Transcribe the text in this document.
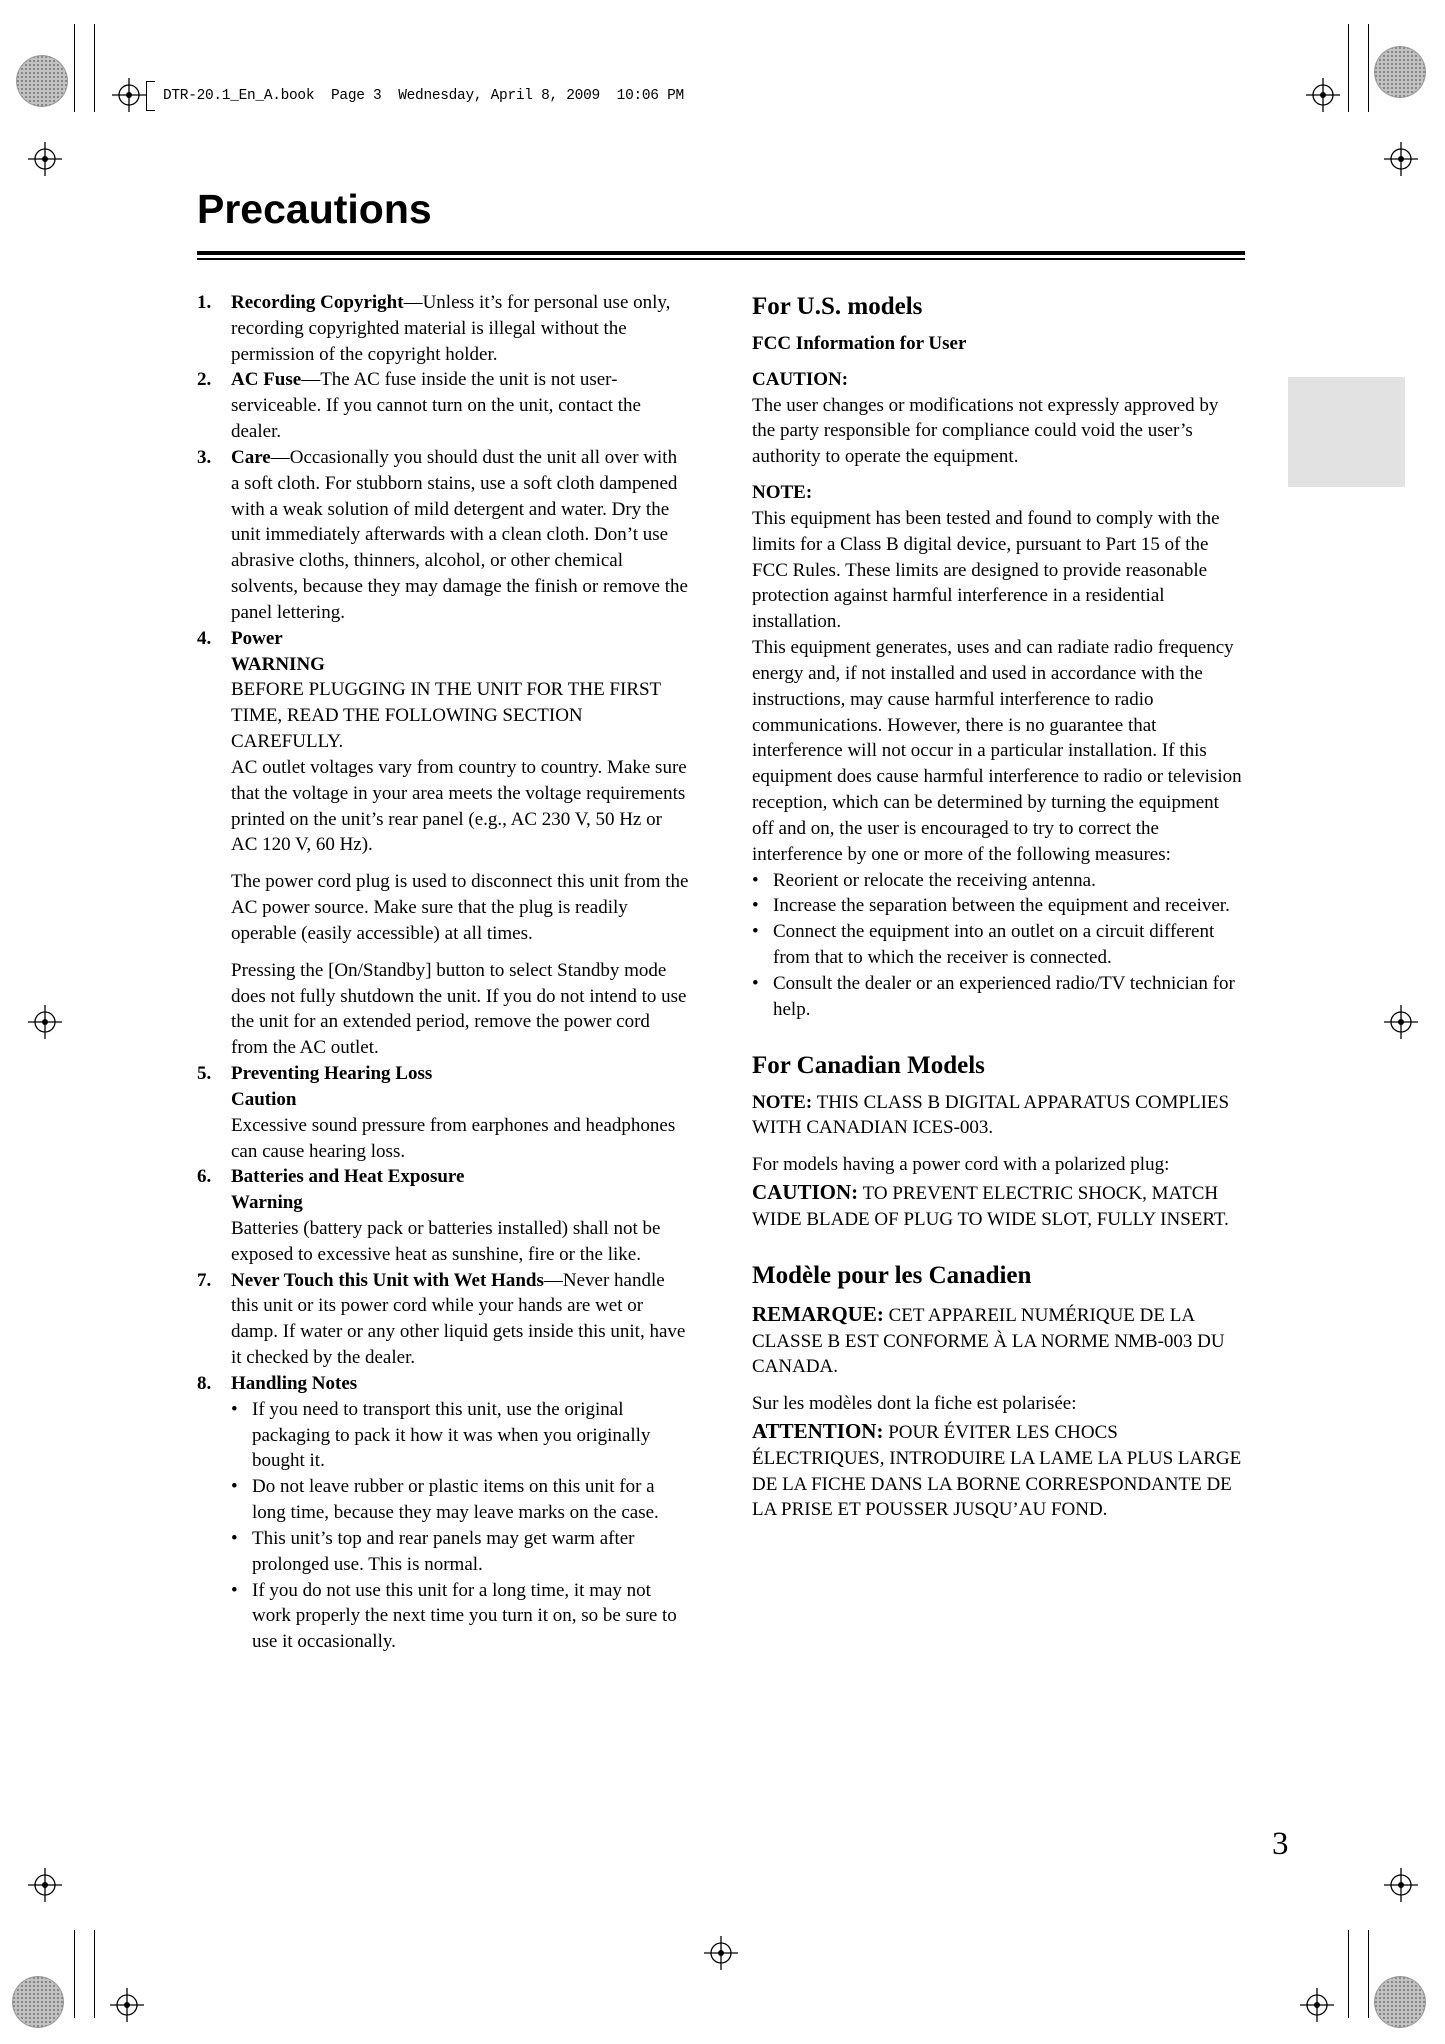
DTR-20.1_En_A.book  Page 3  Wednesday, April 8, 2009  10:06 PM
Precautions
1.	Recording Copyright—Unless it’s for personal use only, recording copyrighted material is illegal without the permission of the copyright holder.
2.	AC Fuse—The AC fuse inside the unit is not user-serviceable. If you cannot turn on the unit, contact the dealer.
3.	Care—Occasionally you should dust the unit all over with a soft cloth. For stubborn stains, use a soft cloth dampened with a weak solution of mild detergent and water. Dry the unit immediately afterwards with a clean cloth. Don’t use abrasive cloths, thinners, alcohol, or other chemical solvents, because they may damage the finish or remove the panel lettering.
4.	Power
WARNING
BEFORE PLUGGING IN THE UNIT FOR THE FIRST TIME, READ THE FOLLOWING SECTION CAREFULLY.
AC outlet voltages vary from country to country. Make sure that the voltage in your area meets the voltage requirements printed on the unit’s rear panel (e.g., AC 230 V, 50 Hz or AC 120 V, 60 Hz).
The power cord plug is used to disconnect this unit from the AC power source. Make sure that the plug is readily operable (easily accessible) at all times.
Pressing the [On/Standby] button to select Standby mode does not fully shutdown the unit. If you do not intend to use the unit for an extended period, remove the power cord from the AC outlet.
5.	Preventing Hearing Loss
Caution
Excessive sound pressure from earphones and headphones can cause hearing loss.
6.	Batteries and Heat Exposure
Warning
Batteries (battery pack or batteries installed) shall not be exposed to excessive heat as sunshine, fire or the like.
7.	Never Touch this Unit with Wet Hands—Never handle this unit or its power cord while your hands are wet or damp. If water or any other liquid gets inside this unit, have it checked by the dealer.
8.	Handling Notes
• If you need to transport this unit, use the original packaging to pack it how it was when you originally bought it.
• Do not leave rubber or plastic items on this unit for a long time, because they may leave marks on the case.
• This unit’s top and rear panels may get warm after prolonged use. This is normal.
• If you do not use this unit for a long time, it may not work properly the next time you turn it on, so be sure to use it occasionally.
For U.S. models
FCC Information for User
CAUTION:
The user changes or modifications not expressly approved by the party responsible for compliance could void the user’s authority to operate the equipment.
NOTE:
This equipment has been tested and found to comply with the limits for a Class B digital device, pursuant to Part 15 of the FCC Rules. These limits are designed to provide reasonable protection against harmful interference in a residential installation.
This equipment generates, uses and can radiate radio frequency energy and, if not installed and used in accordance with the instructions, may cause harmful interference to radio communications. However, there is no guarantee that interference will not occur in a particular installation. If this equipment does cause harmful interference to radio or television reception, which can be determined by turning the equipment off and on, the user is encouraged to try to correct the interference by one or more of the following measures:
• Reorient or relocate the receiving antenna.
• Increase the separation between the equipment and receiver.
• Connect the equipment into an outlet on a circuit different from that to which the receiver is connected.
• Consult the dealer or an experienced radio/TV technician for help.
For Canadian Models
NOTE: THIS CLASS B DIGITAL APPARATUS COMPLIES WITH CANADIAN ICES-003.
For models having a power cord with a polarized plug:
CAUTION: TO PREVENT ELECTRIC SHOCK, MATCH WIDE BLADE OF PLUG TO WIDE SLOT, FULLY INSERT.
Modèle pour les Canadien
REMARQUE: CET APPAREIL NUMÉRIQUE DE LA CLASSE B EST CONFORME À LA NORME NMB-003 DU CANADA.
Sur les modèles dont la fiche est polarisée:
ATTENTION: POUR ÉVITER LES CHOCS ÉLECTRIQUES, INTRODUIRE LA LAME LA PLUS LARGE DE LA FICHE DANS LA BORNE CORRESPONDANTE DE LA PRISE ET POUSSER JUSQU’AU FOND.
3
